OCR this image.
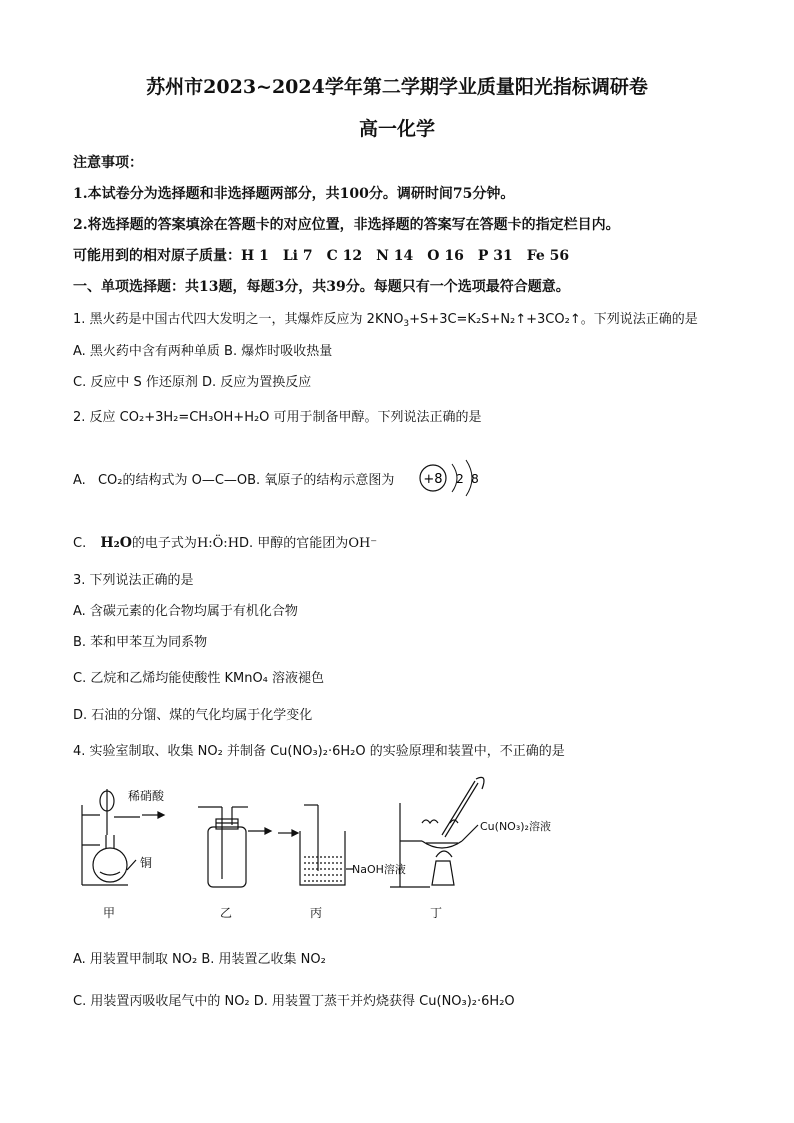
苏州市2023~2024学年第二学期学业质量阳光指标调研卷
高一化学
注意事项：
1.本试卷分为选择题和非选择题两部分，共100分。调研时间75分钟。
2.将选择题的答案填涂在答题卡的对应位置，非选择题的答案写在答题卡的指定栏目内。
可能用到的相对原子质量：H 1　Li 7　C 12　N 14　O 16　P 31　Fe 56
一、单项选择题：共13题，每题3分，共39分。每题只有一个选项最符合题意。
1. 黑火药是中国古代四大发明之一，其爆炸反应为 $2KNO_3+S+3C=K_2S+N_2↑+3CO_2↑$。下列说法正确的是
A. 黑火药中含有两种单质 B. 爆炸时吸收热量
C. 反应中 S 作还原剂 D. 反应为置换反应
2. 反应 CO₂+3H₂=CH₃OH+H₂O 可用于制备甲醇。下列说法正确的是
A. CO₂的结构式为 O—C—OB. 氧原子的结构示意图为 +8 2 8
C. H₂O的电子式为H:Ö:HD. 甲醇的官能团为OH⁻
3. 下列说法正确的是
A. 含碳元素的化合物均属于有机化合物
B. 苯和甲苯互为同系物
C. 乙烷和乙烯均能使酸性 KMnO₄ 溶液褪色
D. 石油的分馏、煤的气化均属于化学变化
4. 实验室制取、收集 NO₂ 并制备 Cu(NO₃)₂·6H₂O 的实验原理和装置中，不正确的是
稀硝酸
铜	NaOH溶液
Cu(NO₃)₂溶液
甲	乙	丙	丁
A. 用装置甲制取 NO₂ B. 用装置乙收集 NO₂
C. 用装置丙吸收尾气中的 NO₂ D. 用装置丁蒸干并灼烧获得 Cu(NO₃)₂·6H₂O
